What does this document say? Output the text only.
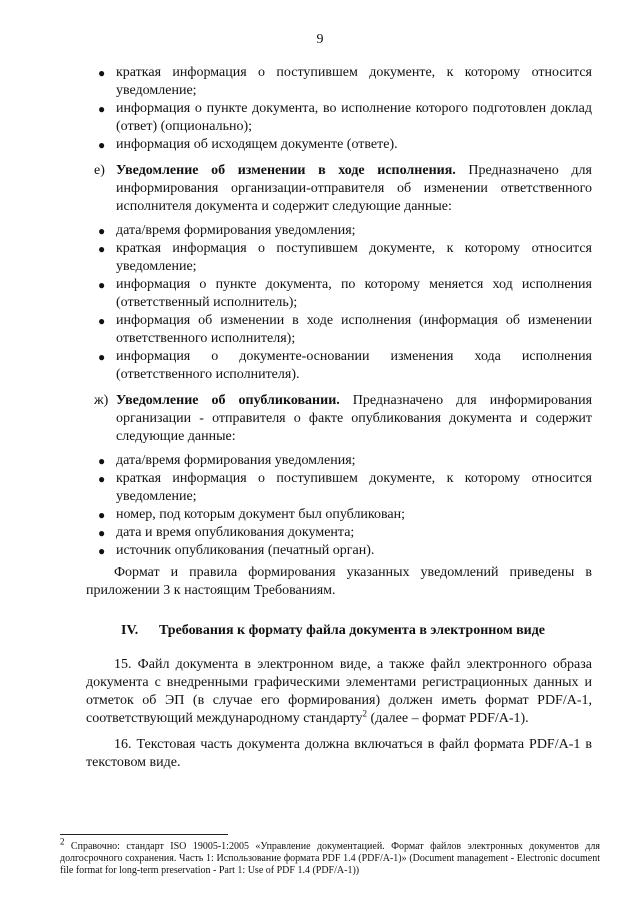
9
● краткая информация о поступившем документе, к которому относится уведомление;
● информация о пункте документа, во исполнение которого подготовлен доклад (ответ) (опционально);
● информация об исходящем документе (ответе).
е) Уведомление об изменении в ходе исполнения. Предназначено для информирования организации-отправителя об изменении ответственного исполнителя документа и содержит следующие данные:
● дата/время формирования уведомления;
● краткая информация о поступившем документе, к которому относится уведомление;
● информация о пункте документа, по которому меняется ход исполнения (ответственный исполнитель);
● информация об изменении в ходе исполнения (информация об изменении ответственного исполнителя);
● информация о документе-основании изменения хода исполнения (ответственного исполнителя).
ж) Уведомление об опубликовании. Предназначено для информирования организации - отправителя о факте опубликования документа и содержит следующие данные:
● дата/время формирования уведомления;
● краткая информация о поступившем документе, к которому относится уведомление;
● номер, под которым документ был опубликован;
● дата и время опубликования документа;
● источник опубликования (печатный орган).
Формат и правила формирования указанных уведомлений приведены в приложении 3 к настоящим Требованиям.
IV. Требования к формату файла документа в электронном виде
15. Файл документа в электронном виде, а также файл электронного образа документа с внедренными графическими элементами регистрационных данных и отметок об ЭП (в случае его формирования) должен иметь формат PDF/A-1, соответствующий международному стандарту$^2$ (далее – формат PDF/A-1).
16. Текстовая часть документа должна включаться в файл формата PDF/A-1 в текстовом виде.
$^2$ Справочно: стандарт ISO 19005-1:2005 «Управление документацией. Формат файлов электронных документов для долгосрочного сохранения. Часть 1: Использование формата PDF 1.4 (PDF/A-1)» (Document management - Electronic document file format for long-term preservation - Part 1: Use of PDF 1.4 (PDF/A-1))
